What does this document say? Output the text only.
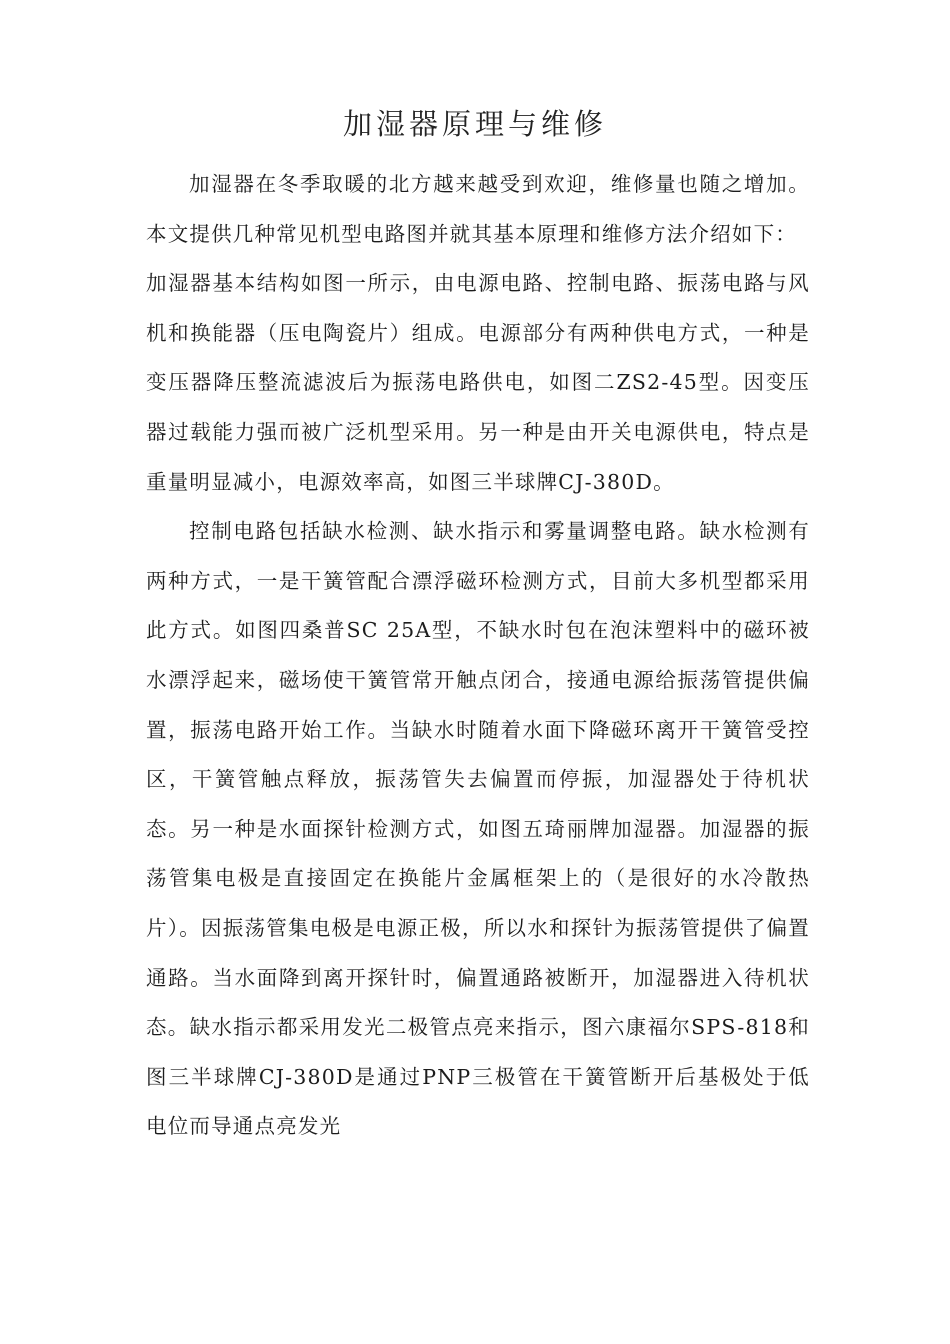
加湿器原理与维修

加湿器在冬季取暖的北方越来越受到欢迎，维修量也随之增加。本文提供几种常见机型电路图并就其基本原理和维修方法介绍如下：

加湿器基本结构如图一所示，由电源电路、控制电路、振荡电路与风机和换能器（压电陶瓷片）组成。电源部分有两种供电方式，一种是变压器降压整流滤波后为振荡电路供电，如图二ZS2-45型。因变压器过载能力强而被广泛机型采用。另一种是由开关电源供电，特点是重量明显减小，电源效率高，如图三半球牌CJ-380D。

控制电路包括缺水检测、缺水指示和雾量调整电路。缺水检测有两种方式，一是干簧管配合漂浮磁环检测方式，目前大多机型都采用此方式。如图四桑普SC 25A型，不缺水时包在泡沫塑料中的磁环被水漂浮起来，磁场使干簧管常开触点闭合，接通电源给振荡管提供偏置，振荡电路开始工作。当缺水时随着水面下降磁环离开干簧管受控区，干簧管触点释放，振荡管失去偏置而停振，加湿器处于待机状态。另一种是水面探针检测方式，如图五琦丽牌加湿器。加湿器的振荡管集电极是直接固定在换能片金属框架上的（是很好的水冷散热片）。因振荡管集电极是电源正极，所以水和探针为振荡管提供了偏置通路。当水面降到离开探针时，偏置通路被断开，加湿器进入待机状态。缺水指示都采用发光二极管点亮来指示，图六康福尔SPS-818和图三半球牌CJ-380D是通过PNP三极管在干簧管断开后基极处于低电位而导通点亮发光
